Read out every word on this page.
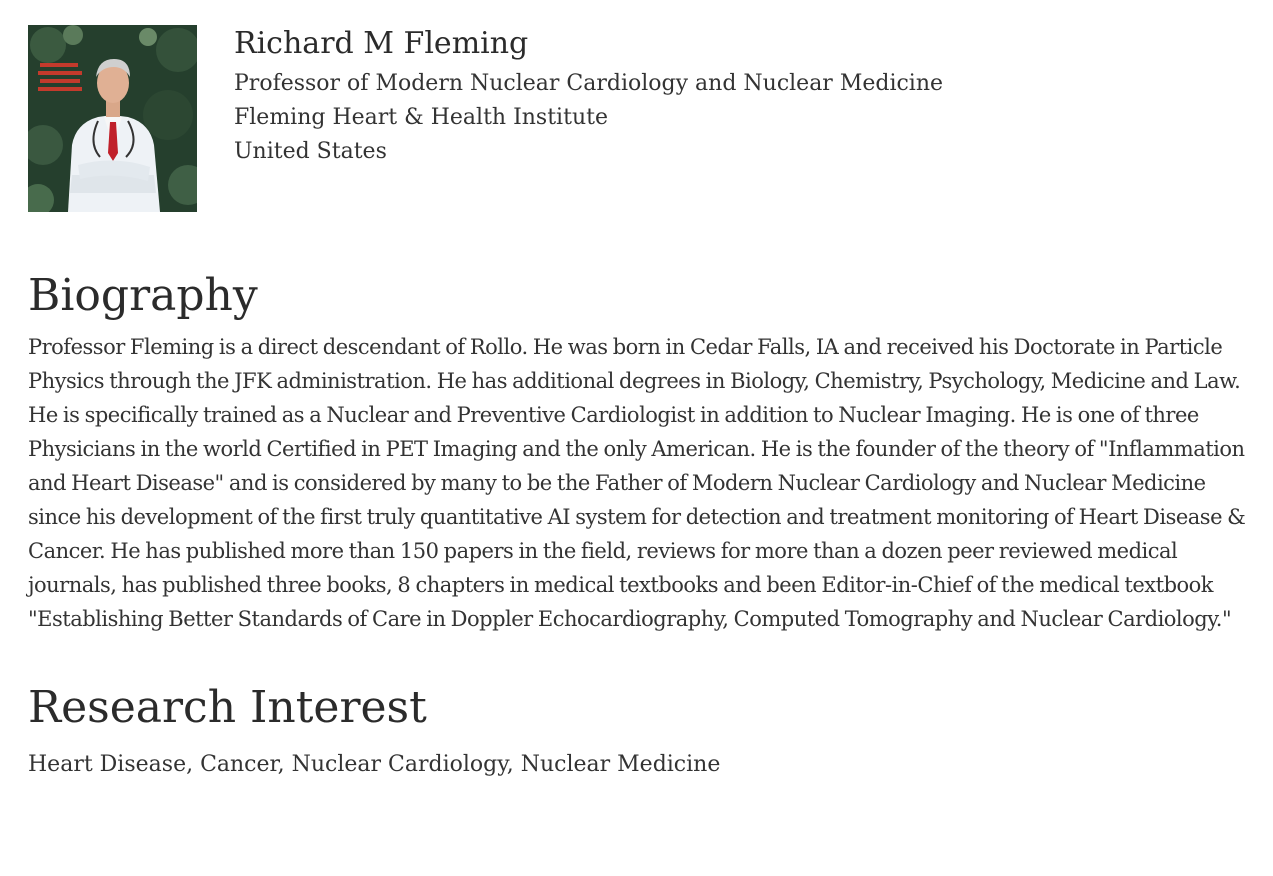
Richard M Fleming

Professor of Modern Nuclear Cardiology and Nuclear Medicine

Fleming Heart & Health Institute

United States

Biography

Professor Fleming is a direct descendant of Rollo. He was born in Cedar Falls, IA and received his Doctorate in Particle Physics through the JFK administration. He has additional degrees in Biology, Chemistry, Psychology, Medicine and Law. He is specifically trained as a Nuclear and Preventive Cardiologist in addition to Nuclear Imaging. He is one of three Physicians in the world Certified in PET Imaging and the only American. He is the founder of the theory of "Inflammation and Heart Disease" and is considered by many to be the Father of Modern Nuclear Cardiology and Nuclear Medicine since his development of the first truly quantitative AI system for detection and treatment monitoring of Heart Disease & Cancer. He has published more than 150 papers in the field, reviews for more than a dozen peer reviewed medical journals, has published three books, 8 chapters in medical textbooks and been Editor-in-Chief of the medical textbook "Establishing Better Standards of Care in Doppler Echocardiography, Computed Tomography and Nuclear Cardiology."

Research Interest

Heart Disease, Cancer, Nuclear Cardiology, Nuclear Medicine
